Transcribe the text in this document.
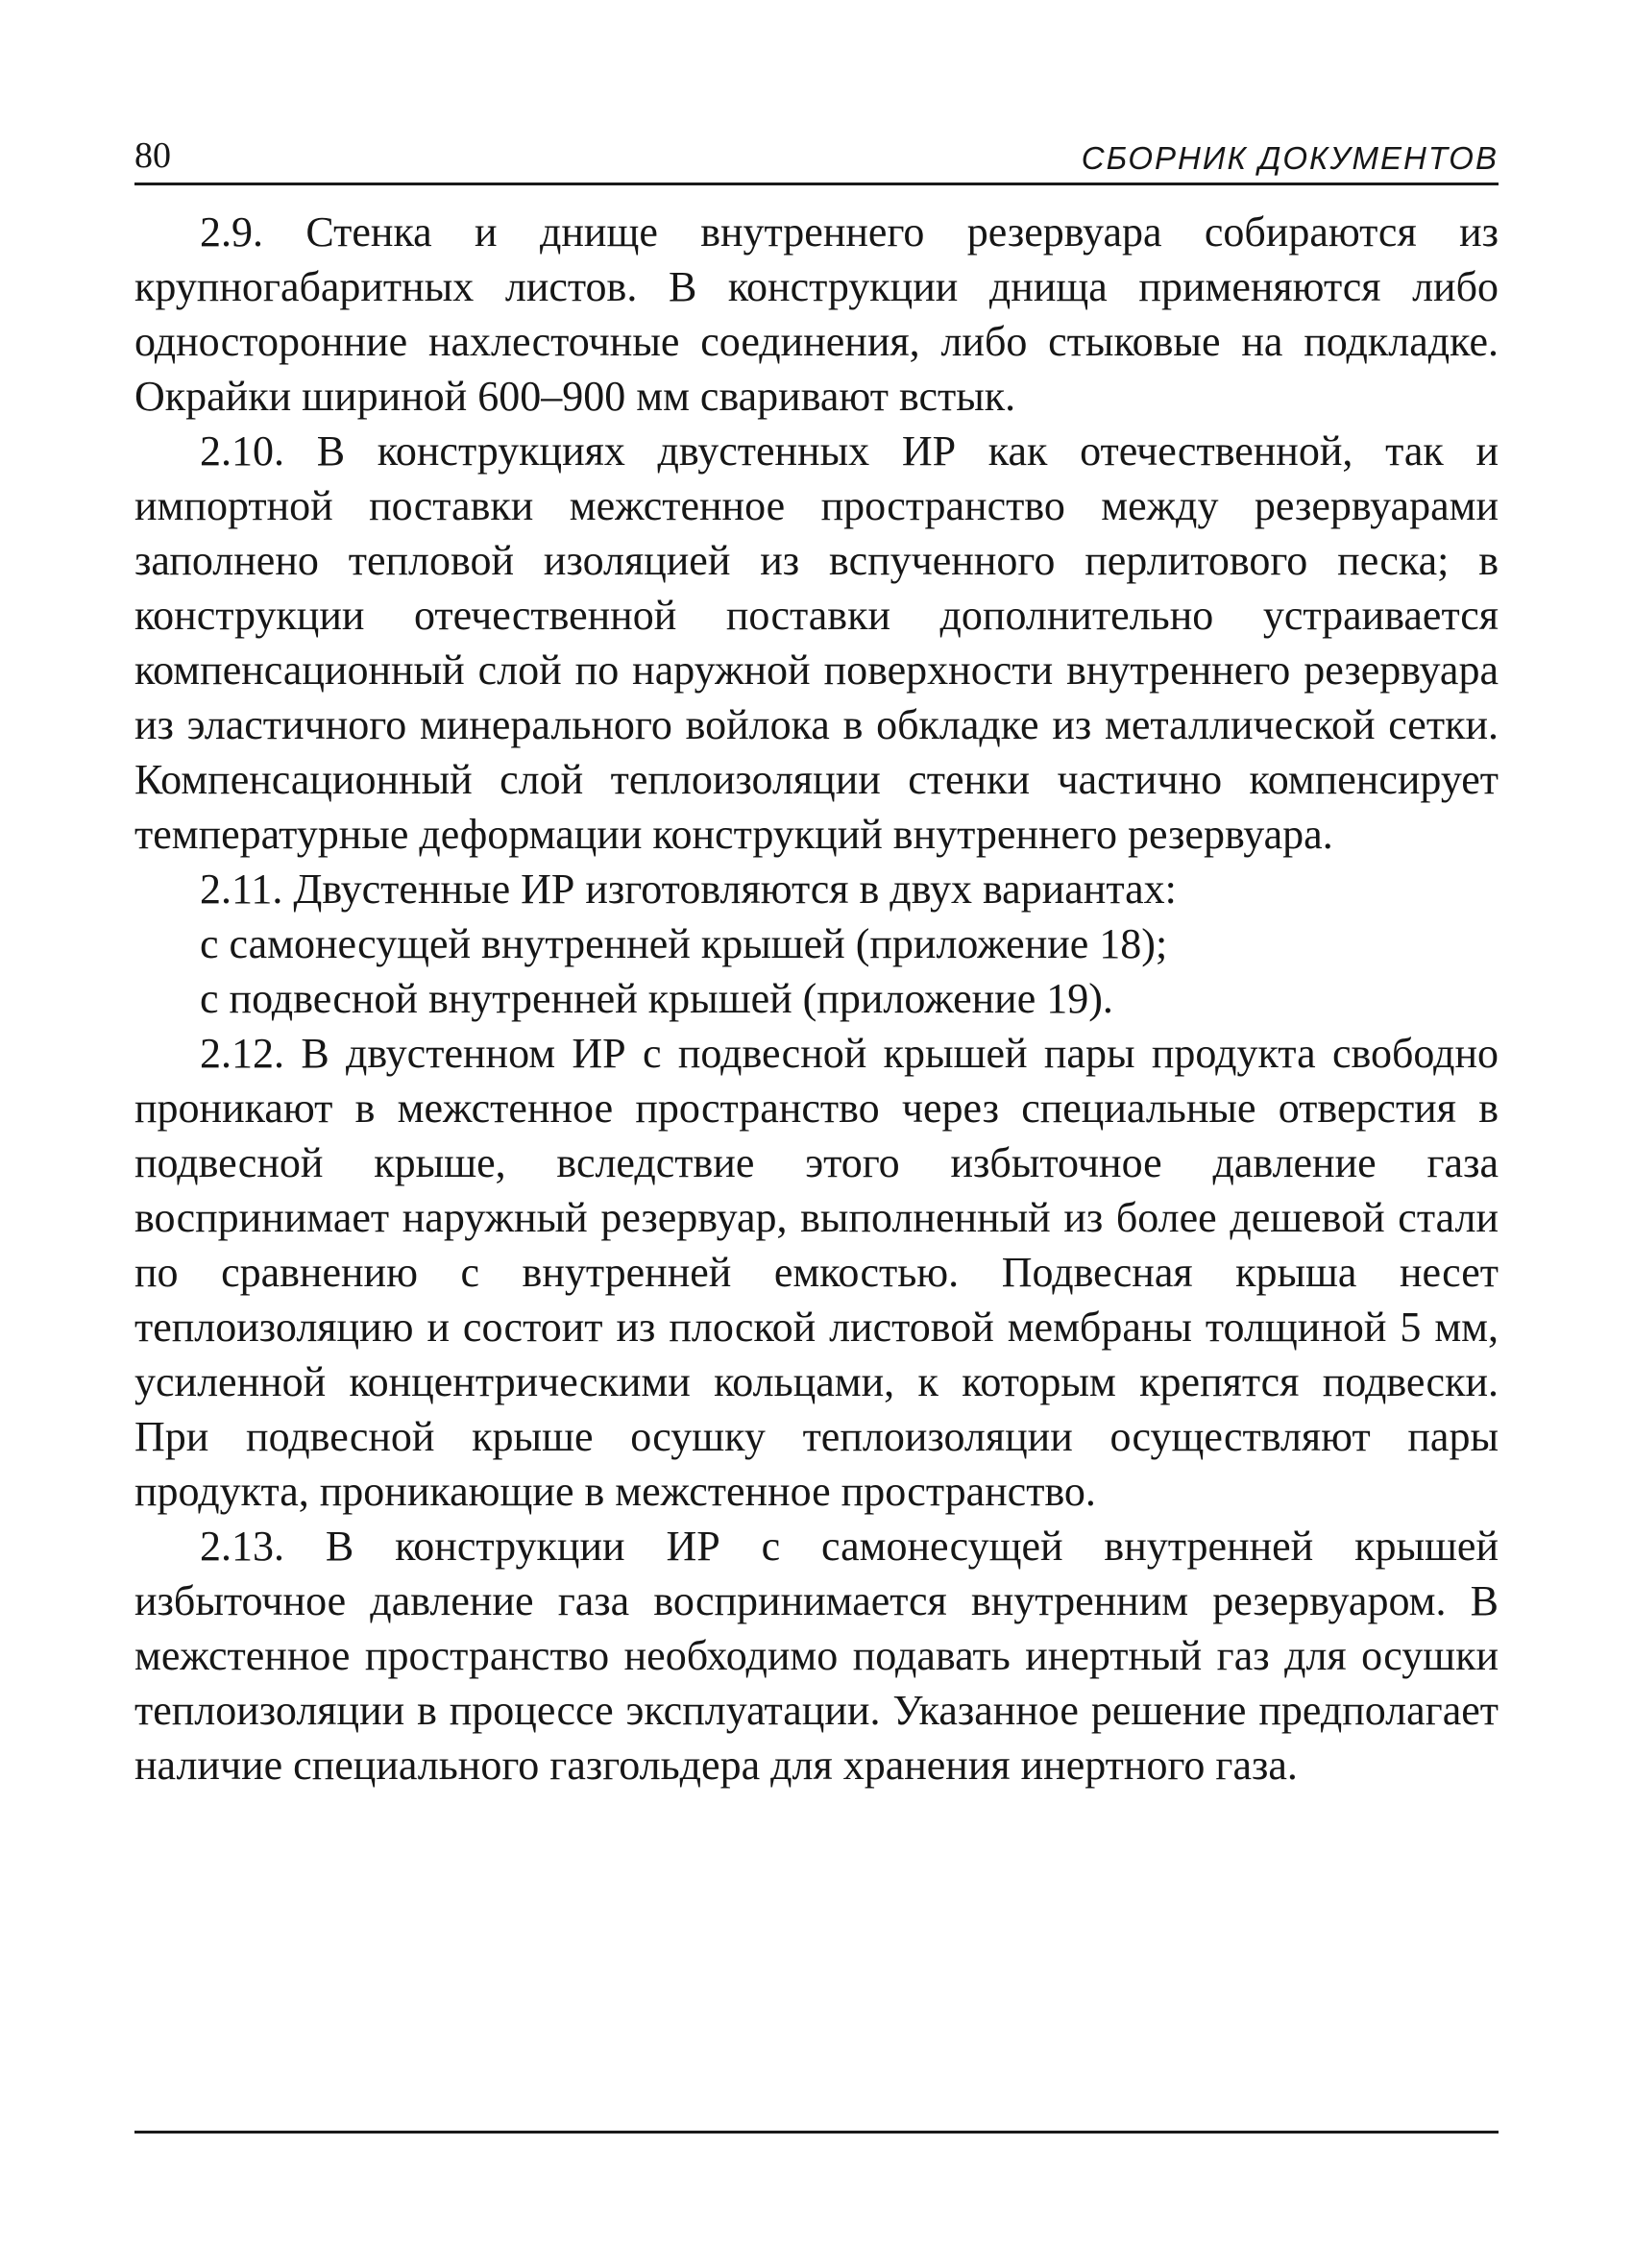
80	СБОРНИК ДОКУМЕНТОВ

2.9. Стенка и днище внутреннего резервуара собираются из крупногабаритных листов. В конструкции днища применяются либо односторонние нахлесточные соединения, либо стыковые на подкладке. Окрайки шириной 600–900 мм сваривают встык.

2.10. В конструкциях двустенных ИР как отечественной, так и импортной поставки межстенное пространство между резервуарами заполнено тепловой изоляцией из вспученного перлитового песка; в конструкции отечественной поставки дополнительно устраивается компенсационный слой по наружной поверхности внутреннего резервуара из эластичного минерального войлока в обкладке из металлической сетки. Компенсационный слой теплоизоляции стенки частично компенсирует температурные деформации конструкций внутреннего резервуара.

2.11. Двустенные ИР изготовляются в двух вариантах:

с самонесущей внутренней крышей (приложение 18);

с подвесной внутренней крышей (приложение 19).

2.12. В двустенном ИР с подвесной крышей пары продукта свободно проникают в межстенное пространство через специальные отверстия в подвесной крыше, вследствие этого избыточное давление газа воспринимает наружный резервуар, выполненный из более дешевой стали по сравнению с внутренней емкостью. Подвесная крыша несет теплоизоляцию и состоит из плоской листовой мембраны толщиной 5 мм, усиленной концентрическими кольцами, к которым крепятся подвески. При подвесной крыше осушку теплоизоляции осуществляют пары продукта, проникающие в межстенное пространство.

2.13. В конструкции ИР с самонесущей внутренней крышей избыточное давление газа воспринимается внутренним резервуаром. В межстенное пространство необходимо подавать инертный газ для осушки теплоизоляции в процессе эксплуатации. Указанное решение предполагает наличие специального газгольдера для хранения инертного газа.
